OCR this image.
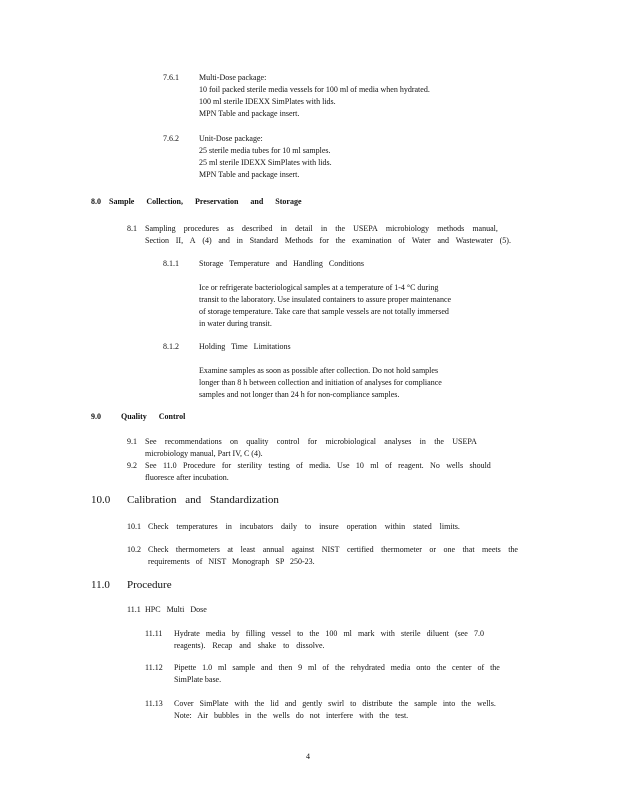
7.6.1	Multi-Dose package:
10 foil packed sterile media vessels for 100 ml of media when hydrated.
100 ml sterile IDEXX SimPlates with lids.
MPN Table and package insert.
7.6.2	Unit-Dose package:
25 sterile media tubes for 10 ml samples.
25 ml sterile IDEXX SimPlates with lids.
MPN Table and package insert.
8.0 Sample Collection, Preservation and Storage
8.1 Sampling procedures as described in detail in the USEPA microbiology methods manual,
Section II, A (4) and in Standard Methods for the examination of Water and Wastewater (5).
8.1.1	Storage Temperature and Handling Conditions
Ice or refrigerate bacteriological samples at a temperature of 1-4 °C during
transit to the laboratory. Use insulated containers to assure proper maintenance
of storage temperature. Take care that sample vessels are not totally immersed
in water during transit.
8.1.2	Holding Time Limitations
Examine samples as soon as possible after collection. Do not hold samples
longer than 8 h between collection and initiation of analyses for compliance
samples and not longer than 24 h for non-compliance samples.
9.0	Quality Control
9.1 See recommendations on quality control for microbiological analyses in the USEPA
microbiology manual, Part IV, C (4).
9.2 See 11.0 Procedure for sterility testing of media. Use 10 ml of reagent. No wells should
fluoresce after incubation.
10.0 Calibration and Standardization
10.1 Check temperatures in incubators daily to insure operation within stated limits.
10.2 Check thermometers at least annual against NIST certified thermometer or one that meets the
requirements of NIST Monograph SP 250-23.
11.0 Procedure
11.1 HPC Multi Dose
11.11 Hydrate media by filling vessel to the 100 ml mark with sterile diluent (see 7.0
reagents). Recap and shake to dissolve.
11.12 Pipette 1.0 ml sample and then 9 ml of the rehydrated media onto the center of the
SimPlate base.
11.13 Cover SimPlate with the lid and gently swirl to distribute the sample into the wells.
Note: Air bubbles in the wells do not interfere with the test.
4
